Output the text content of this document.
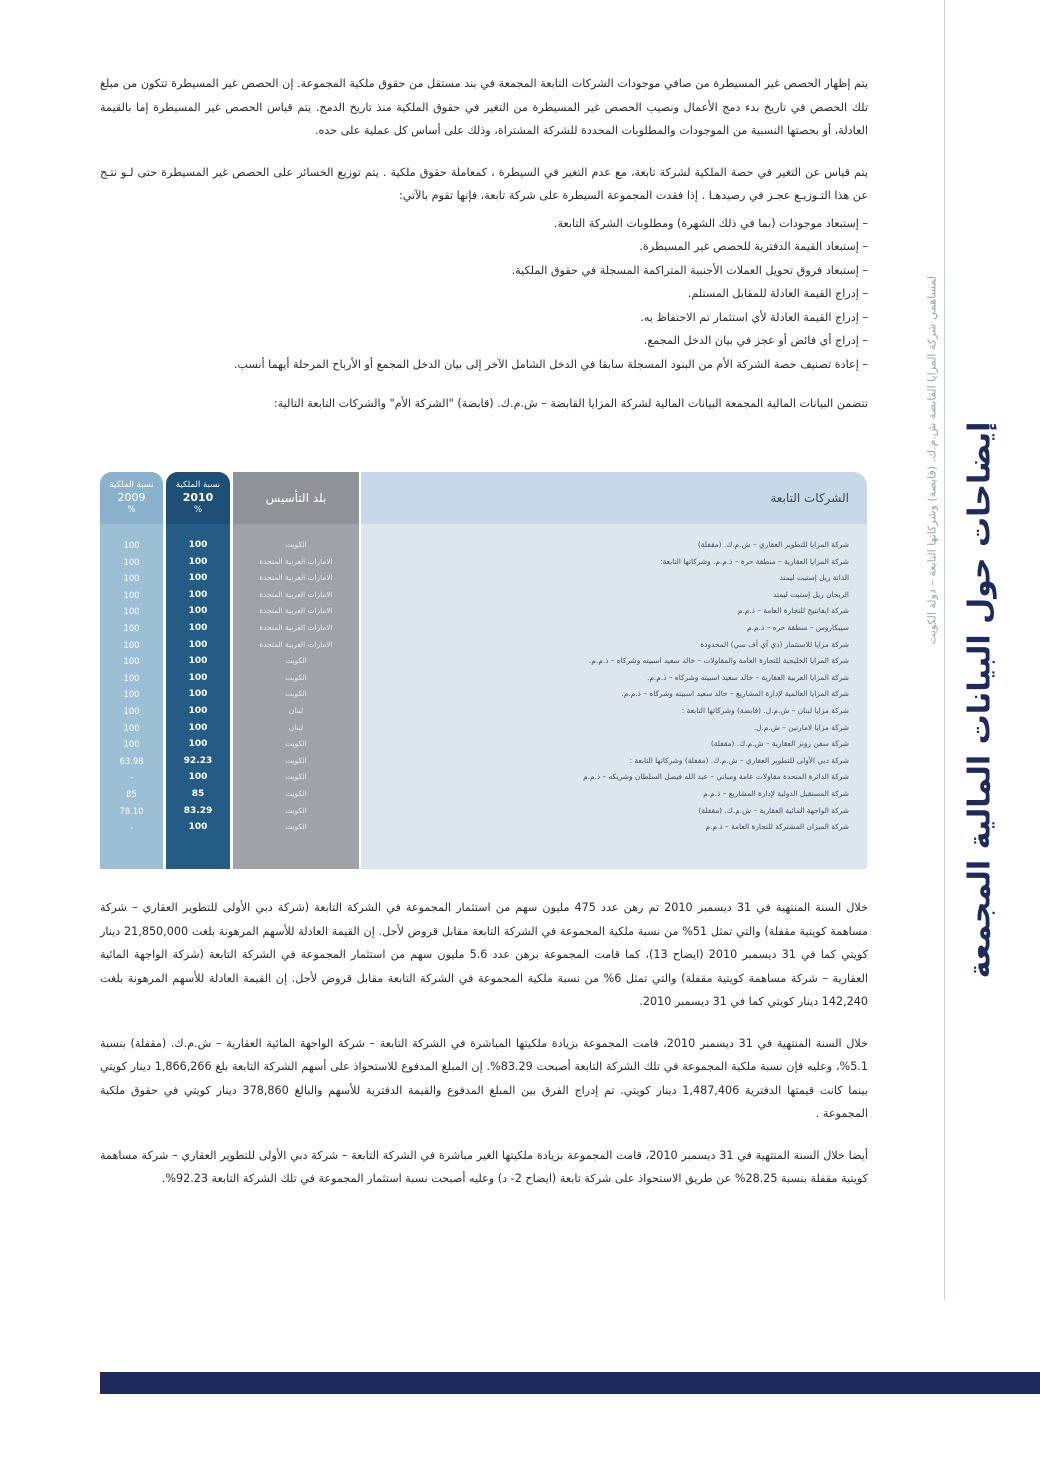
إيضاحات حول البيانات المالية المجمعة
لمساهمي شركة المزايا القابضة ش.م.ك. (قابضة) وشركاتها التابعة – دولة الكويت

يتم إظهار الحصص غير المسيطرة من صافي موجودات الشركات التابعة المجمعة في بند مستقل من حقوق ملكية المجموعة. إن الحصص غير المسيطرة تتكون من مبلغ تلك الحصص في تاريخ بدء دمج الأعمال ونصيب الحصص غير المسيطرة من التغير في حقوق الملكية منذ تاريخ الدمج. يتم قياس الحصص غير المسيطرة إما بالقيمة العادلة، أو بحصتها النسبية من الموجودات والمطلوبات المحددة للشركة المشتراة، وذلك على أساس كل عملية على حده.

يتم قياس عن التغير في حصة الملكية لشركة تابعة، مع عدم التغير في السيطرة ، كمعاملة حقوق ملكية . يتم توزيع الخسائر على الحصص غير المسيطرة حتى لـو نتـج عن هذا التـوزيـع عجـز في رصيدهـا . إذا فقدت المجموعة السيطرة على شركة تابعة، فإنها تقوم بالآتي:

– إستبعاد موجودات (بما في ذلك الشهرة) ومطلوبات الشركة التابعة.
– إستبعاد القيمة الدفترية للحصص غير المسيطرة.
– إستبعاد فروق تحويل العملات الأجنبية المتراكمة المسجلة في حقوق الملكية.
– إدراج القيمة العادلة للمقابل المستلم.
– إدراج القيمة العادلة لأي استثمار تم الاحتفاظ به.
– إدراج أي فائض أو عجز في بيان الدخل المجمع.
– إعادة تصنيف حصة الشركة الأم من البنود المسجلة سابقا في الدخل الشامل الآخر إلى بيان الدخل المجمع أو الأرباح المرحلة أيهما أنسب.

تتضمن البيانات المالية المجمعة البيانات المالية لشركة المزايا القابضة – ش.م.ك. (قابضة) "الشركة الأم" والشركات التابعة التالية:

الشركات التابعة
شركة المزايا للتطوير العقاري – ش.م.ك. (مقفلة)
شركة المزايا العقارية – منطقة حرة – ذ.م.م. وشركاتها التابعة:
الدانة ريل إستيت ليمتد
الريحان ريل إستيت ليمتد
شركة ايفانتيج للتجارة العامة – ذ.م.م
سيبكاروس – منطقة حره – ذ.م.م
شركة مزايا للاستثمار (دي آي أف سي) المحدودة
شركة المزايا الخليجية للتجارة العامة والمقاولات – خالد سعيد اسبيته وشركاه – ذ.م.م.
شركة المزايا العربية العقارية – خالد سعيد اسبيته وشركاه – ذ.م.م.
شركة المزايا العالمية لإدارة المشاريع – خالد سعيد اسبيته وشركاه – ذ.م.م.
شركة مزايا لبنان – ش.م.ل. (قابضة) وشركاتها التابعة :
شركة مزايا لامارتين – ش.م.ل.
شركة سفن زونز العقارية – ش.م.ك. (مقفلة)
شركة دبي الأولى للتطوير العقاري – ش.م.ك. (مقفلة) وشركاتها التابعة :
شركة الدائرة المتحدة مقاولات عامة ومباني – عبد الله فيصل السلطان وشريكه – ذ.م.م
شركة المستقبل الدولية لإدارة المشاريع – ذ.م.م
شركة الواجهة المائية العقارية – ش.م.ك. (مقفلة)
شركة الميزان المشتركة للتجارة العامة – ذ.م.م
بلد التأسيس
الكويت
الامارات العربية المتحدة
الامارات العربية المتحدة
الامارات العربية المتحدة
الامارات العربية المتحدة
الامارات العربية المتحدة
الامارات العربية المتحدة
الكويت
الكويت
الكويت
لبنان
لبنان
الكويت
الكويت
الكويت
الكويت
الكويت
الكويت
نسبة الملكية
2010
%
100
100
100
100
100
100
100
100
100
100
100
100
100
92.23
100
85
83.29
100
نسبة الملكية
2009
%
100
100
100
100
100
100
100
100
100
100
100
100
100
63.98
-
85
78.10
-

خلال السنة المنتهية في 31 ديسمبر 2010 تم رهن عدد 475 مليون سهم من استثمار المجموعة في الشركة التابعة (شركة دبي الأولى للتطوير العقاري – شركة مساهمة كويتية مقفلة) والتي تمثل 51% من نسبة ملكية المجموعة في الشركة التابعة مقابل قروض لأجل. إن القيمة العادلة للأسهم المرهونة بلغت 21,850,000 دينار كويتي كما في 31 ديسمبر 2010 (ايضاح 13)، كما قامت المجموعة برهن عدد 5.6 مليون سهم من استثمار المجموعة في الشركة التابعة (شركة الواجهة المائية العقارية – شركة مساهمة كويتية مقفلة) والتي تمثل 6% من نسبة ملكية المجموعة في الشركة التابعة مقابل قروض لأجل. إن القيمة العادلة للأسهم المرهونة بلغت 142,240 دينار كويتي كما في 31 ديسمبر 2010.

خلال السنة المنتهية في 31 ديسمبر 2010، قامت المجموعة بزيادة ملكيتها المباشرة في الشركة التابعة – شركة الواجهة المائية العقارية – ش.م.ك. (مقفلة) بنسبة 5.1%، وعليه فإن نسبة ملكية المجموعة في تلك الشركة التابعة أصبحت 83.29%. إن المبلغ المدفوع للاستحواذ على أسهم الشركة التابعة بلغ 1,866,266 دينار كويتي بينما كانت قيمتها الدفترية 1,487,406 دينار كويتي. تم إدراج الفرق بين المبلغ المدفوع والقيمة الدفترية للأسهم والبالغ 378,860 دينار كويتي في حقوق ملكية المجموعة .

أيضا خلال السنة المنتهية في 31 ديسمبر 2010، قامت المجموعة بزيادة ملكيتها الغير مباشرة في الشركة التابعة – شركة دبي الأولى للتطوير العقاري – شركة مساهمة كويتية مقفلة بنسبة 28.25% عن طريق الاستحواذ على شركة تابعة (ايضاح 2- د) وعليه أصبحت نسبة استثمار المجموعة في تلك الشركة التابعة 92.23%.
